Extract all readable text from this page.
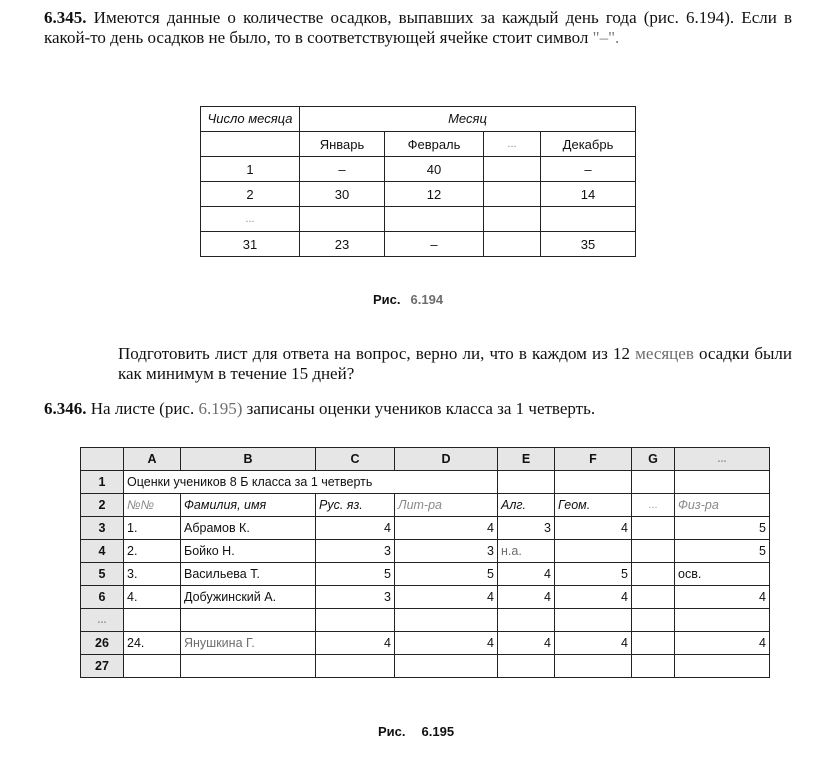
6.345. Имеются данные о количестве осадков, выпавших за каждый день года (рис. 6.194). Если в какой-то день осадков не было, то в соответствующей ячейке стоит символ "–".
Число месяца	Месяц			
	Январь	Февраль	...	Декабрь
1	–	40		–
2	30	12		14
...				
31	23	–		35
Рис. 6.194
Подготовить лист для ответа на вопрос, верно ли, что в каждом из 12 месяцев осадки были как минимум в течение 15 дней?
6.346. На листе (рис. 6.195) записаны оценки учеников класса за 1 четверть.
	A	B	C	D	E	F	G	...
1	Оценки учеников 8 Б класса за 1 четверть							
2	№№	Фамилия, имя	Рус. яз.	Лит-ра	Алг.	Геом.	...	Физ-ра
3	1.	Абрамов К.	4	4	3	4		5
4	2.	Бойко Н.	3	3	н.а.			5
5	3.	Васильева Т.	5	5	4	5		осв.
6	4.	Добужинский А.	3	4	4	4		4
...								
26	24.	Янушкина Г.	4	4	4	4		4
27								
Рис. 6.195
